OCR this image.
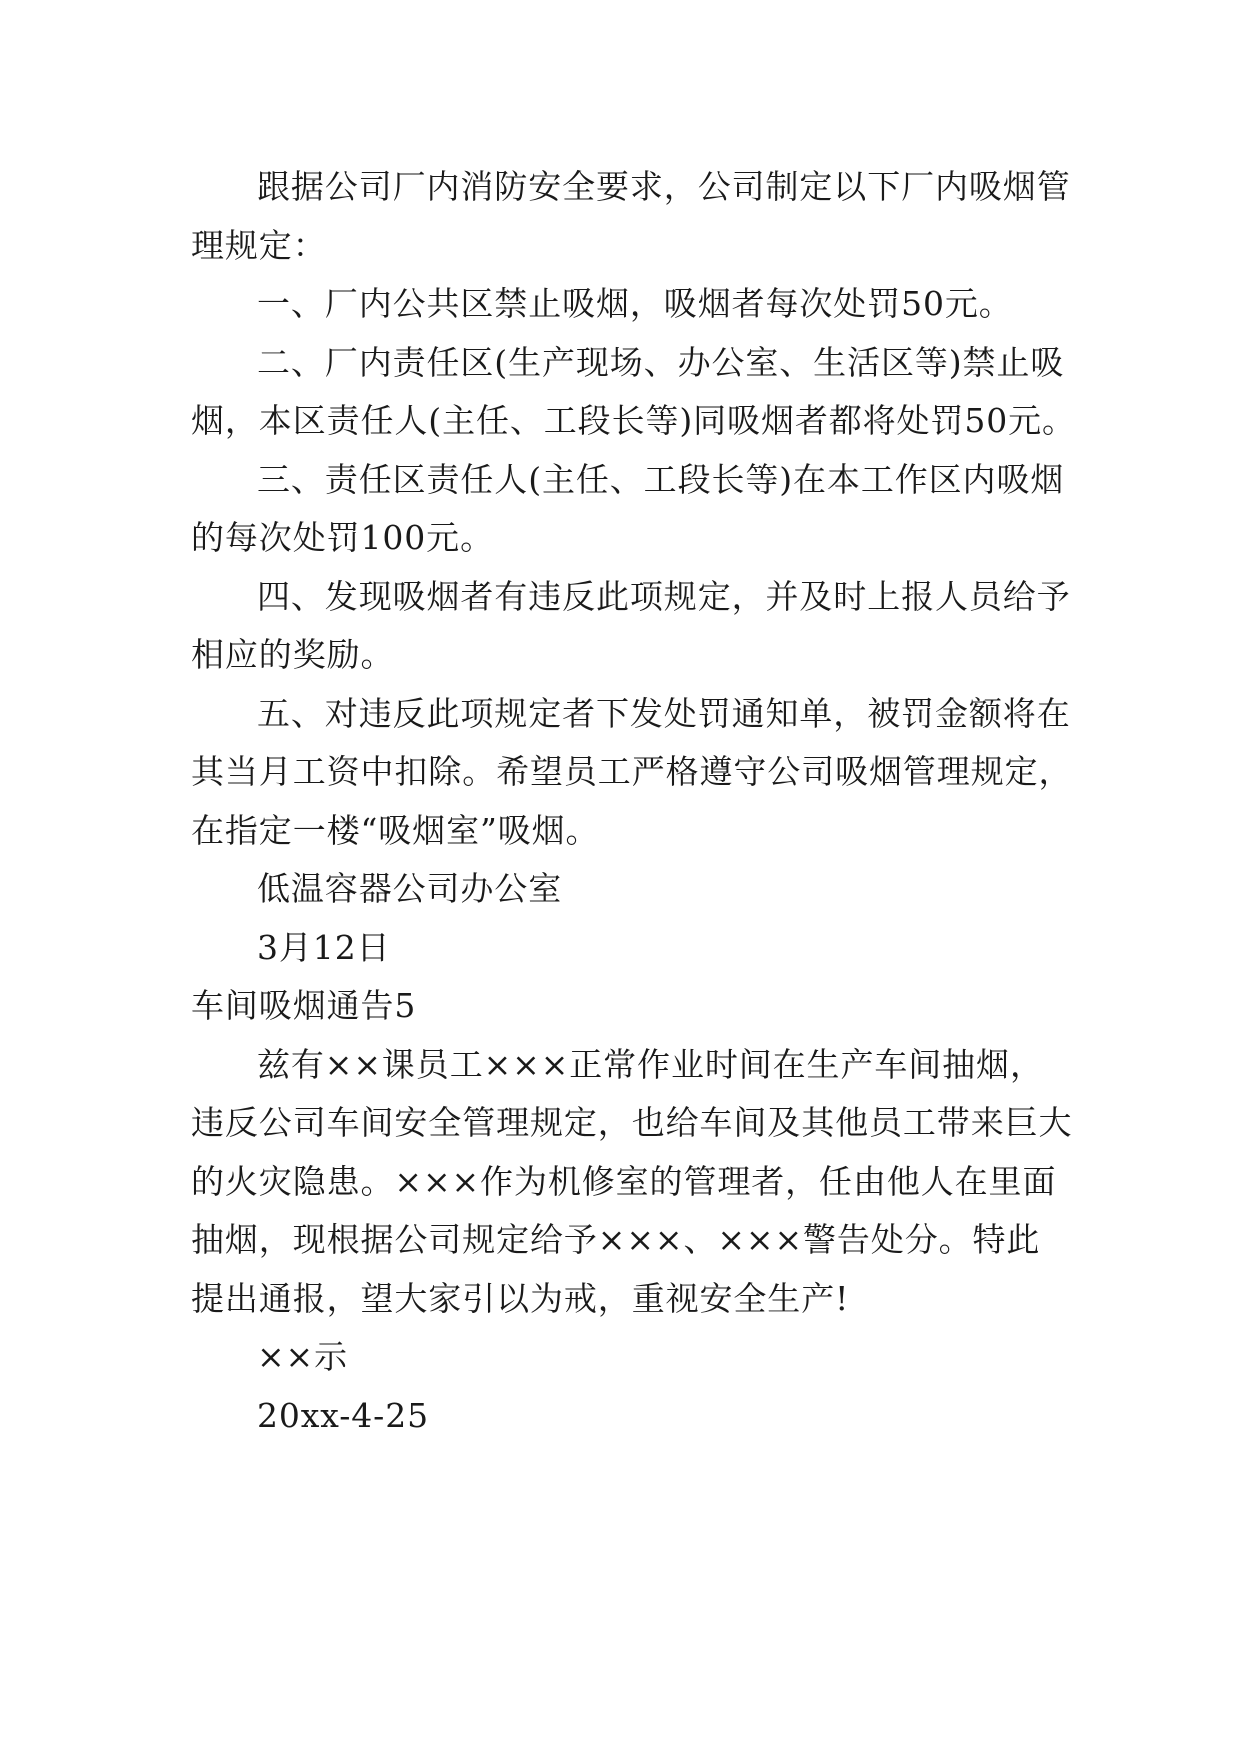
跟据公司厂内消防安全要求，公司制定以下厂内吸烟管
理规定：
一、厂内公共区禁止吸烟，吸烟者每次处罚50元。
二、厂内责任区(生产现场、办公室、生活区等)禁止吸
烟，本区责任人(主任、工段长等)同吸烟者都将处罚50元。
三、责任区责任人(主任、工段长等)在本工作区内吸烟
的每次处罚100元。
四、发现吸烟者有违反此项规定，并及时上报人员给予
相应的奖励。
五、对违反此项规定者下发处罚通知单，被罚金额将在
其当月工资中扣除。希望员工严格遵守公司吸烟管理规定，
在指定一楼“吸烟室”吸烟。
低温容器公司办公室
3月12日
车间吸烟通告5
兹有××课员工×××正常作业时间在生产车间抽烟，
违反公司车间安全管理规定，也给车间及其他员工带来巨大
的火灾隐患。×××作为机修室的管理者，任由他人在里面
抽烟，现根据公司规定给予×××、×××警告处分。特此
提出通报，望大家引以为戒，重视安全生产!
××示
20xx-4-25
